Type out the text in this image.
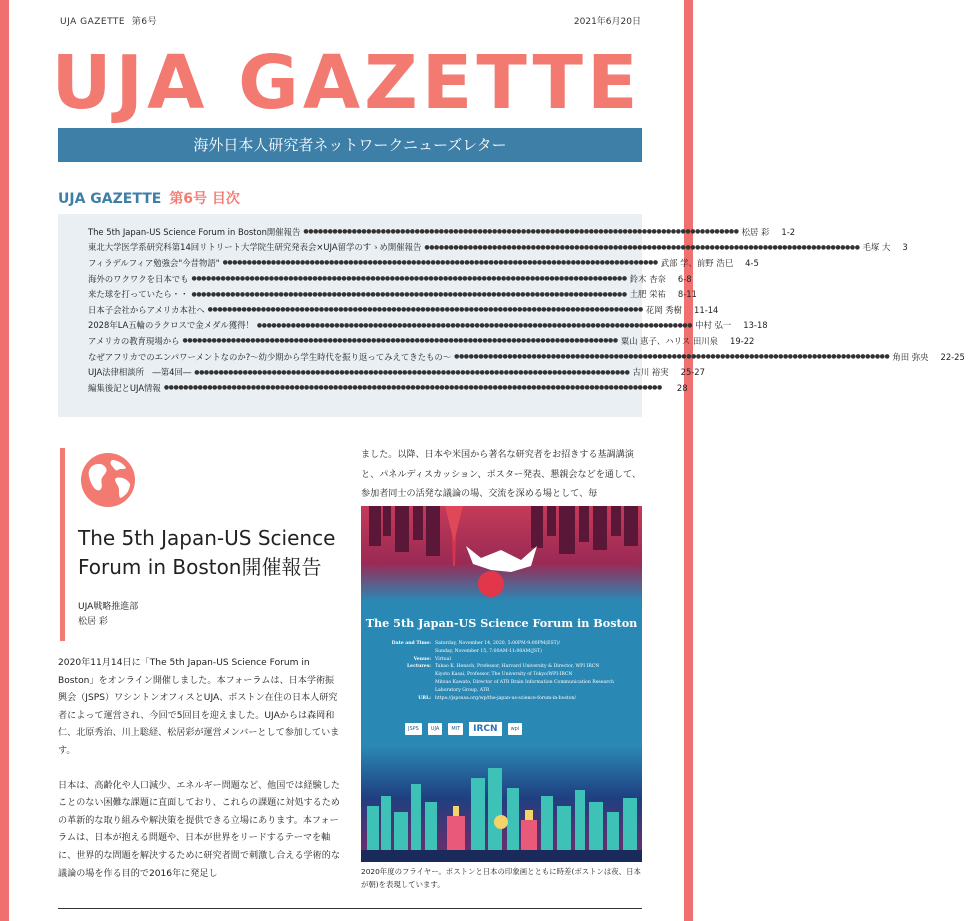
UJA GAZETTE 第6号	2021年6月20日
UJA GAZETTE
海外日本人研究者ネットワークニューズレター
UJA GAZETTE 第6号 目次
The 5th Japan-US Science Forum in Boston開催報告 ●●●●●●●●●●●●●●●●●●●●●●●●●●●●●●●●●●●●●●●●●●●●●●●●●●●●●●●●●●●●●●●●●●●●●●●●●●●●●●●●●●●●●●●●●● 松居 彩 1-2
東北大学医学系研究科第14回リトリート大学院生研究発表会×UJA留学のすゝめ開催報告 ●●●●●●●●●●●●●●●●●●●●●●●●●●●●●●●●●●●●●●●●●●●●●●●●●●●●●●●●●●●●●●●●●●●●●●●●●●●●●●●●●●●●●●●●●● 毛塚 大 3
フィラデルフィア勉強会"今昔物語" ●●●●●●●●●●●●●●●●●●●●●●●●●●●●●●●●●●●●●●●●●●●●●●●●●●●●●●●●●●●●●●●●●●●●●●●●●●●●●●●●●●●●●●●●●● 武部 学、前野 浩巳 4-5
海外のワクワクを日本でも ●●●●●●●●●●●●●●●●●●●●●●●●●●●●●●●●●●●●●●●●●●●●●●●●●●●●●●●●●●●●●●●●●●●●●●●●●●●●●●●●●●●●●●●●●● 鈴木 杏奈 6-8
来た球を打っていたら・・ ●●●●●●●●●●●●●●●●●●●●●●●●●●●●●●●●●●●●●●●●●●●●●●●●●●●●●●●●●●●●●●●●●●●●●●●●●●●●●●●●●●●●●●●●●● 土肥 栄祐 8-11
日本子会社からアメリカ本社へ ●●●●●●●●●●●●●●●●●●●●●●●●●●●●●●●●●●●●●●●●●●●●●●●●●●●●●●●●●●●●●●●●●●●●●●●●●●●●●●●●●●●●●●●●●● 花岡 秀樹 11-14
2028年LA五輪のラクロスで金メダル獲得！ ●●●●●●●●●●●●●●●●●●●●●●●●●●●●●●●●●●●●●●●●●●●●●●●●●●●●●●●●●●●●●●●●●●●●●●●●●●●●●●●●●●●●●●●●●● 中村 弘一 13-18
アメリカの教育現場から ●●●●●●●●●●●●●●●●●●●●●●●●●●●●●●●●●●●●●●●●●●●●●●●●●●●●●●●●●●●●●●●●●●●●●●●●●●●●●●●●●●●●●●●●●● 粟山 恵子、ハリス 田川泉 19-22
なぜアフリカでのエンパワーメントなのか?〜幼少期から学生時代を振り返ってみえてきたもの〜 ●●●●●●●●●●●●●●●●●●●●●●●●●●●●●●●●●●●●●●●●●●●●●●●●●●●●●●●●●●●●●●●●●●●●●●●●●●●●●●●●●●●●●●●●●● 角田 弥央 22-25
UJA法律相談所　―第4回― ●●●●●●●●●●●●●●●●●●●●●●●●●●●●●●●●●●●●●●●●●●●●●●●●●●●●●●●●●●●●●●●●●●●●●●●●●●●●●●●●●●●●●●●●●● 古川 裕実 25-27
編集後記とUJA情報 ●●●●●●●●●●●●●●●●●●●●●●●●●●●●●●●●●●●●●●●●●●●●●●●●●●●●●●●●●●●●●●●●●●●●●●●●●●●●●●●●●●●●●●●●●●●●●●●●●●●●●●● 28
The 5th Japan-US Science
Forum in Boston開催報告
UJA戦略推進部
松居 彩

2020年11月14日に「The 5th Japan-US Science Forum in Boston」をオンライン開催しました。本フォーラムは、日本学術振興会（JSPS）ワシントンオフィスとUJA、ボストン在住の日本人研究者によって運営され、今回で5回目を迎えました。UJAからは森岡和仁、北原秀治、川上聡経、松居彩が運営メンバーとして参加しています。

日本は、高齢化や人口減少、エネルギー問題など、他国では経験したことのない困難な課題に直面しており、これらの課題に対処するための革新的な取り組みや解決策を提供できる立場にあります。本フォーラムは、日本が抱える問題や、日本が世界をリードするテーマを軸に、世界的な問題を解決するために研究者間で刺激し合える学術的な議論の場を作る目的で2016年に発足し

ました。以降、日本や米国から著名な研究者をお招きする基調講演と、パネルディスカッション、ポスター発表、懇親会などを通して、参加者同士の活発な議論の場、交流を深める場として、毎
The 5th Japan-US Science Forum in Boston
Date and Time: Saturday, November 14, 2020, 5:00PM-9:00PM(EST)/
Sunday, November 15, 7:00AM-11:00AM(JST)
Venue: Virtual
Lectures: Takao K. Hensch, Professor, Harvard University & Director, WPI IRCN
Kiyoto Kasai, Professor, The University of Tokyo/WPI-IRCN
Mitsuo Kawato, Director of ATR Brain Information Communication Research
Laboratory Group, ATR
URL: https://jspsusa.org/wp/the-japan-us-science-forum-in-boston/
JSPS	UJA	MIT	IRCN	wpi
2020年度のフライヤー。ボストンと日本の印象画とともに時差(ボストンは夜、日本が朝)を表現しています。
